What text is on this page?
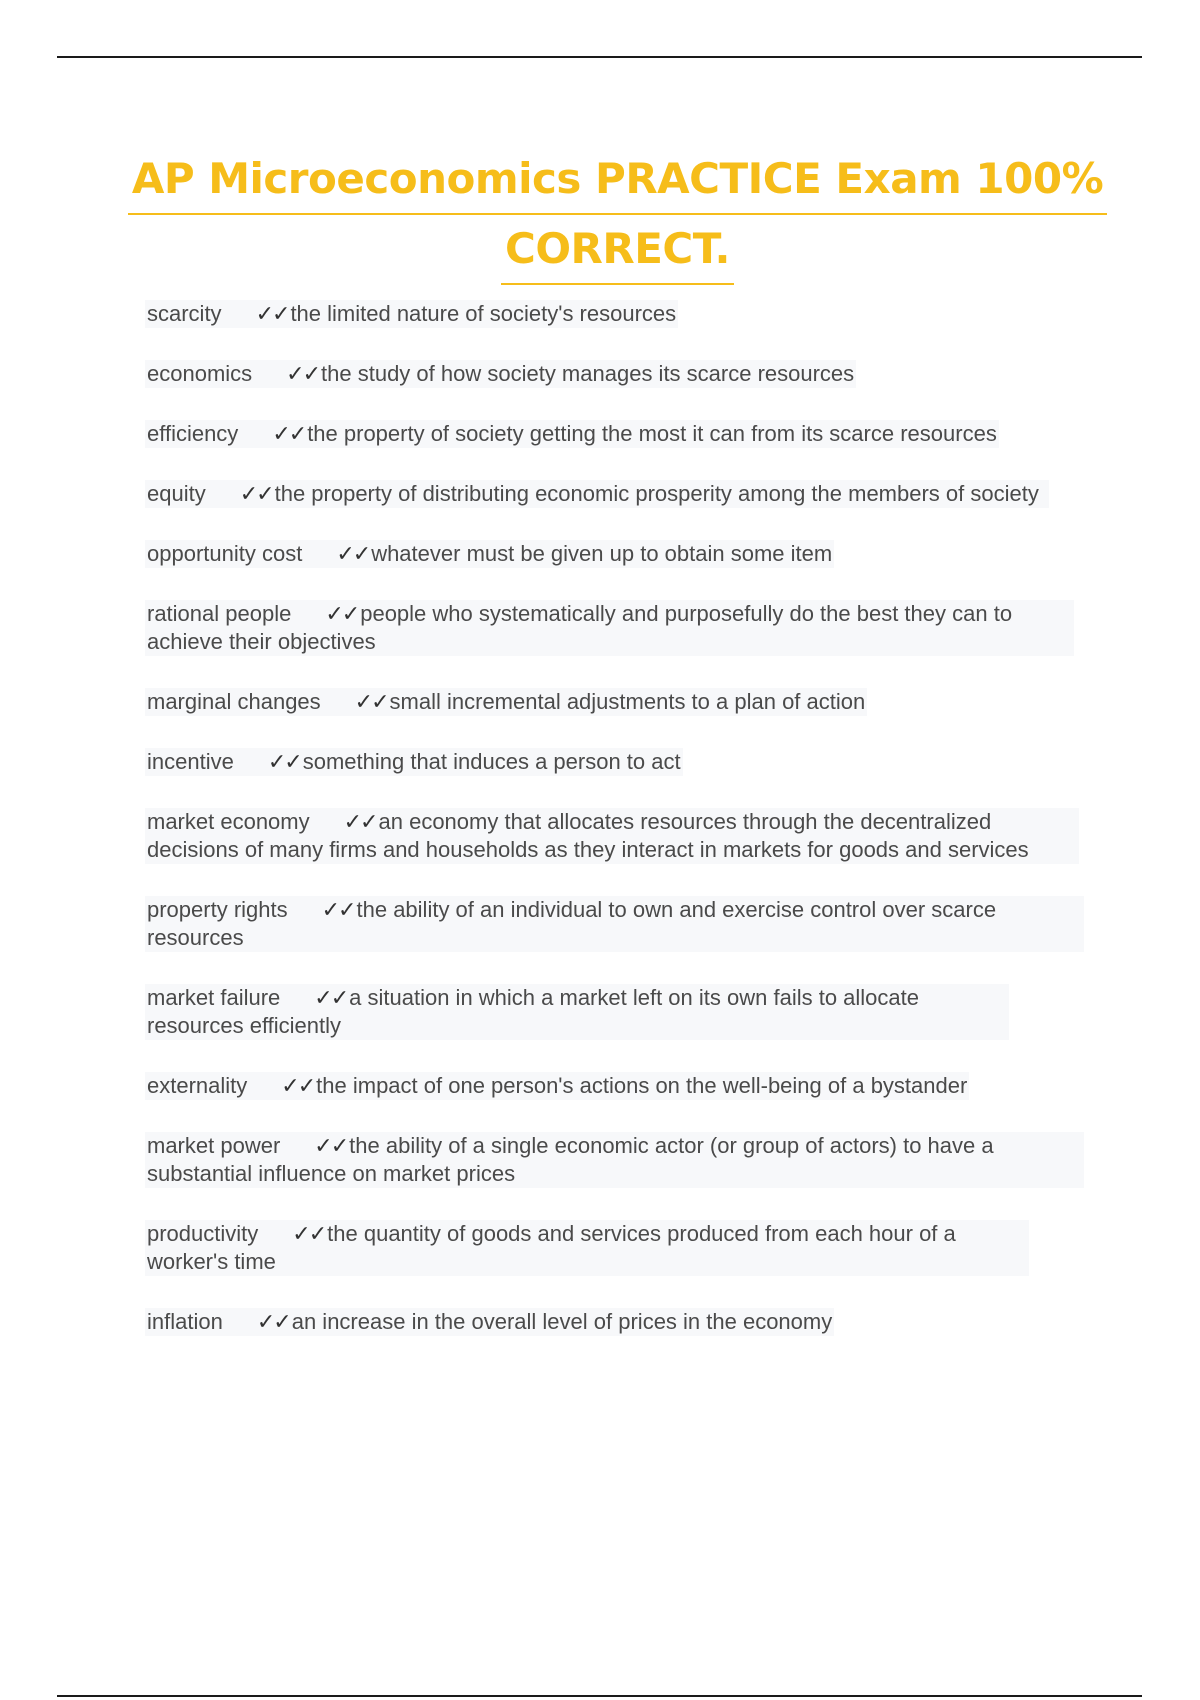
AP Microeconomics PRACTICE Exam 100%
CORRECT.
scarcity ✓✓the limited nature of society's resources
economics ✓✓the study of how society manages its scarce resources
efficiency ✓✓the property of society getting the most it can from its scarce resources
equity ✓✓the property of distributing economic prosperity among the members of society
opportunity cost ✓✓whatever must be given up to obtain some item
rational people ✓✓people who systematically and purposefully do the best they can to achieve their objectives
marginal changes ✓✓small incremental adjustments to a plan of action
incentive ✓✓something that induces a person to act
market economy ✓✓an economy that allocates resources through the decentralized decisions of many firms and households as they interact in markets for goods and services
property rights ✓✓the ability of an individual to own and exercise control over scarce resources
market failure ✓✓a situation in which a market left on its own fails to allocate resources efficiently
externality ✓✓the impact of one person's actions on the well-being of a bystander
market power ✓✓the ability of a single economic actor (or group of actors) to have a substantial influence on market prices
productivity ✓✓the quantity of goods and services produced from each hour of a worker's time
inflation ✓✓an increase in the overall level of prices in the economy
